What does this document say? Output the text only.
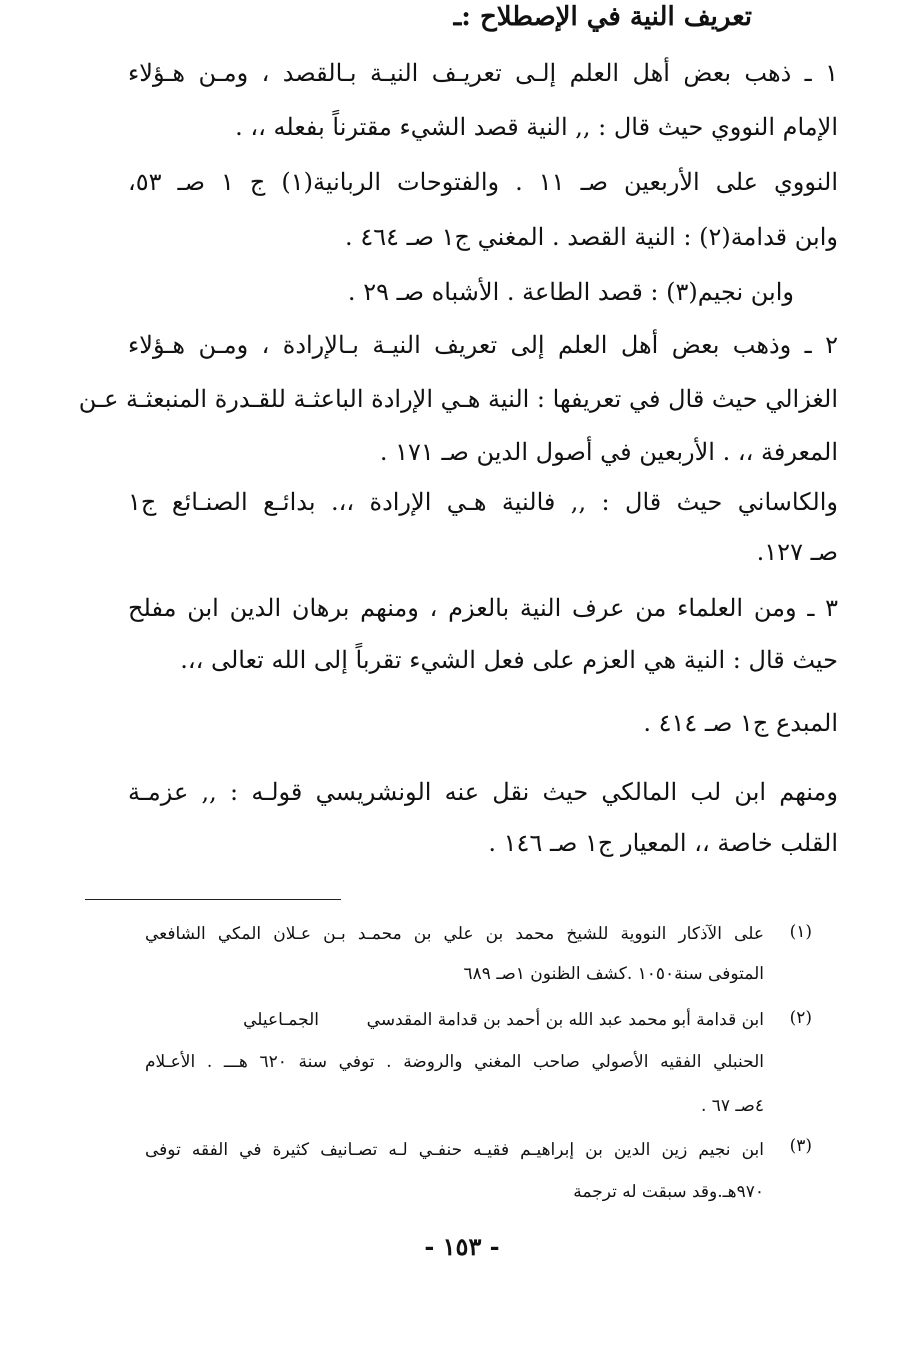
تعريف النية في الإصطلاح :ـ
١ ـ ذهب بعض أهل العلم إلـى تعريـف النيـة بـالقصد ، ومـن هـؤلاء
الإمام النووي حيث قال : ,, النية قصد الشيء مقترناً بفعله ،، .
النووي على الأربعين صـ ١١ . والفتوحات الربانية(١) ج ١ صـ ٥٣،
وابن قدامة(٢) : النية القصد . المغني ج١ صـ ٤٦٤ .
وابن نجيم(٣) : قصد الطاعة . الأشباه صـ ٢٩ .
٢ ـ وذهب بعض أهل العلم إلى تعريف النيـة بـالإرادة ، ومـن هـؤلاء
الغزالي حيث قال في تعريفها : النية هـي الإرادة الباعثـة للقـدرة المنبعثـة عـن
المعرفة ،، . الأربعين في أصول الدين صـ ١٧١ .
والكاساني حيث قال : ,, فالنية هـي الإرادة ،،. بدائـع الصنـائع ج١
صـ ١٢٧.
٣ ـ ومن العلماء من عرف النية بالعزم ، ومنهم برهان الدين ابن مفلح
حيث قال : النية هي العزم على فعل الشيء تقرباً إلى الله تعالى ،،.
المبدع ج١ صـ ٤١٤ .
ومنهم ابن لب المالكي حيث نقل عنه الونشريسي قولـه : ,, عزمـة
القلب خاصة ،، المعيار ج١ صـ ١٤٦ .
(١)
على الآذكار النووية للشيخ محمد بن علي بن محمـد بـن عـلان المكي الشافعي
المتوفى سنة١٠٥٠ .كشف الظنون ١صـ ٦٨٩
(٢)
ابن قدامة أبو محمد عبد الله بن أحمد بن قدامة المقدسي
الجمـاعيلي
الحنبلي الفقيه الأصولي صاحب المغني والروضة . توفي سنة ٦٢٠ هـــ . الأعـلام
٤صـ ٦٧ .
(٣)
ابن نجيم زين الدين بن إبراهيـم فقيـه حنفـي لـه تصـانيف كثيرة في الفقه توفى
٩٧٠هـ.وقد سبقت له ترجمة
- ١٥٣ -
